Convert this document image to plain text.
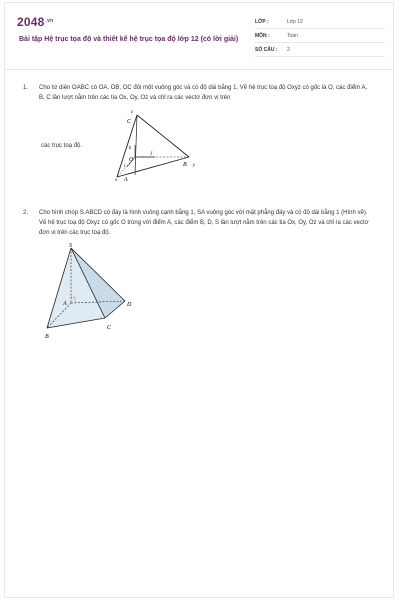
$2048^{.vn}$
Bài tập Hệ trục tọa độ và thiết kế hệ trục tọa độ lớp 12 (có lời giải)
LỚP :	Lớp 12
MÔN :	Toán
SỐ CÂU : 2
1. Cho tứ diện OABC có OA, OB, OC đôi một vuông góc và có độ dài bằng 1. Vẽ hệ trục toạ độ Oxyz có gốc là O, các điểm A, B, C lần lượt nằm trên các tia Ox, Oy, Oz và chỉ ra các vectơ đơn vị trên
các trục toạ độ.
z
C
k
O
i
j
A
x
B y
2. Cho hình chóp S.ABCD có đáy là hình vuông cạnh bằng 1, SA vuông góc với mặt phẳng đáy và có độ dài bằng 1 (Hình vẽ). Vẽ hệ trục toạ độ Oxyz có gốc O trùng với điểm A, các điểm B, D, S lần lượt nằm trên các tia Ox, Oy, Oz và chỉ ra các vectơ đơn vị trên các trục toạ độ.
S
A
B
C
D
